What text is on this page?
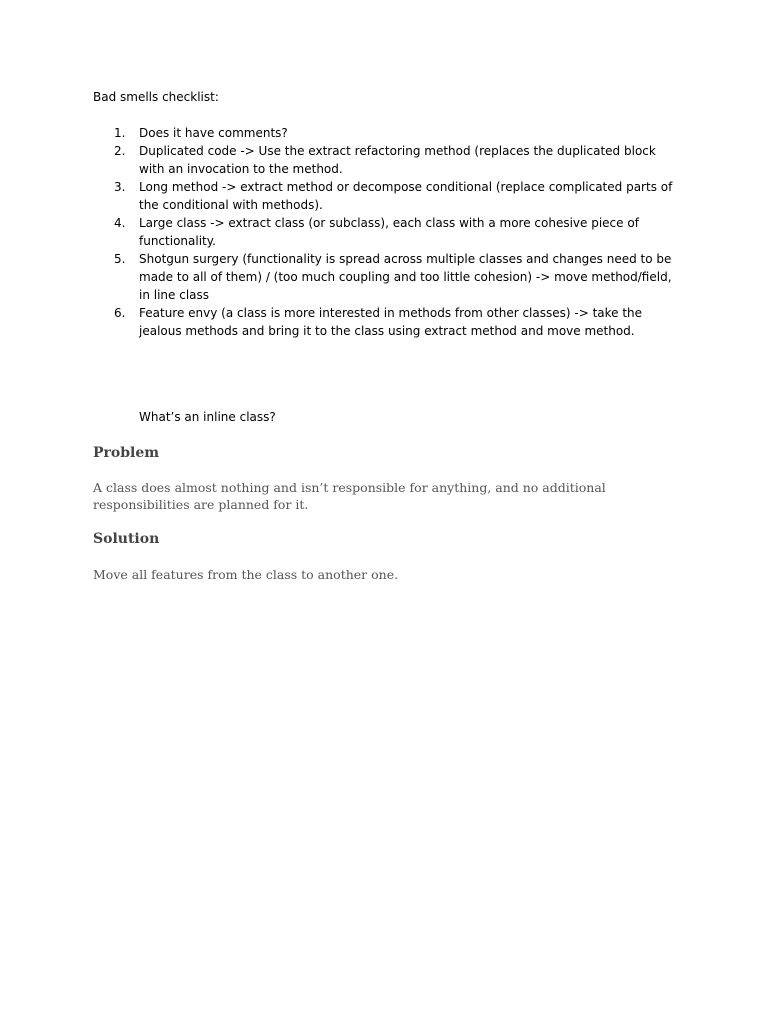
Bad smells checklist:

1.	Does it have comments?
2.	Duplicated code -> Use the extract refactoring method (replaces the duplicated block with an invocation to the method.
3.	Long method -> extract method or decompose conditional (replace complicated parts of the conditional with methods).
4.	Large class -> extract class (or subclass), each class with a more cohesive piece of functionality.
5.	Shotgun surgery (functionality is spread across multiple classes and changes need to be made to all of them) / (too much coupling and too little cohesion) -> move method/field, in line class
6.	Feature envy (a class is more interested in methods from other classes) -> take the jealous methods and bring it to the class using extract method and move method.

What’s an inline class?

Problem

A class does almost nothing and isn’t responsible for anything, and no additional responsibilities are planned for it.

Solution

Move all features from the class to another one.
